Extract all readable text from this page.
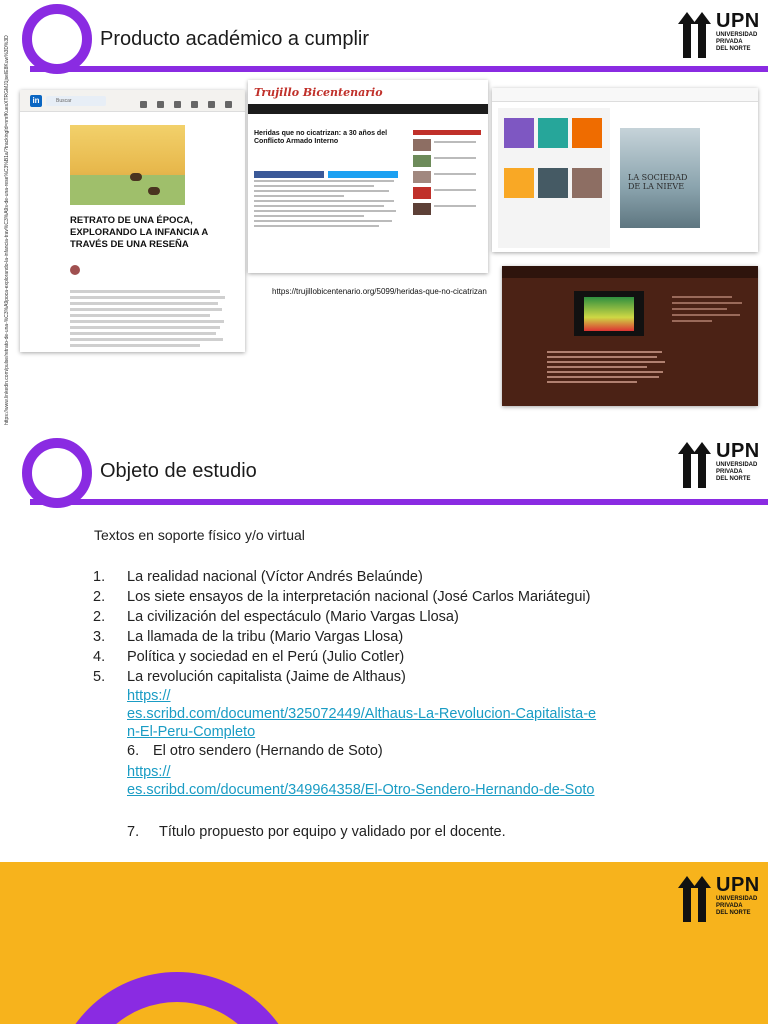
Producto académico a cumplir
UPN
UNIVERSIDAD
PRIVADA
DEL NORTE
https://www.linkedin.com/pulse/retrato-de-una-%C3%A9poca-explorando-la-infancia-trav%C3%A9s-de-una-rese%C3%B1a/?trackingId=nmfKuesXTRGMJ1jseIE8Kuw%3D%3D	in	Buscar
RETRATO DE UNA ÉPOCA, EXPLORANDO LA INFANCIA A TRAVÉS DE UNA RESEÑA
Trujillo Bicentenario
Heridas que no cicatrizan: a 30 años del Conflicto Armado Interno
LA SOCIEDAD DE LA NIEVE
https://trujillobicentenario.org/5099/heridas-que-no-cicatrizan
Objeto de estudio
UPN
UNIVERSIDAD
PRIVADA
DEL NORTE
Textos en soporte físico y/o virtual
1. La realidad nacional (Víctor Andrés Belaúnde)
2. Los siete ensayos de la interpretación nacional (José Carlos Mariátegui)
2. La civilización del espectáculo (Mario Vargas Llosa)
3. La llamada de la tribu (Mario Vargas Llosa)
4. Política y sociedad en el Perú (Julio Cotler)
5. La revolución capitalista (Jaime de Althaus)
https://
es.scribd.com/document/325072449/Althaus-La-Revolucion-Capitalista-e
n-El-Peru-Completo
6. El otro sendero (Hernando de Soto)
https://
es.scribd.com/document/349964358/El-Otro-Sendero-Hernando-de-Soto
7. Título propuesto por equipo y validado por el docente.
UPN
UNIVERSIDAD
PRIVADA
DEL NORTE
